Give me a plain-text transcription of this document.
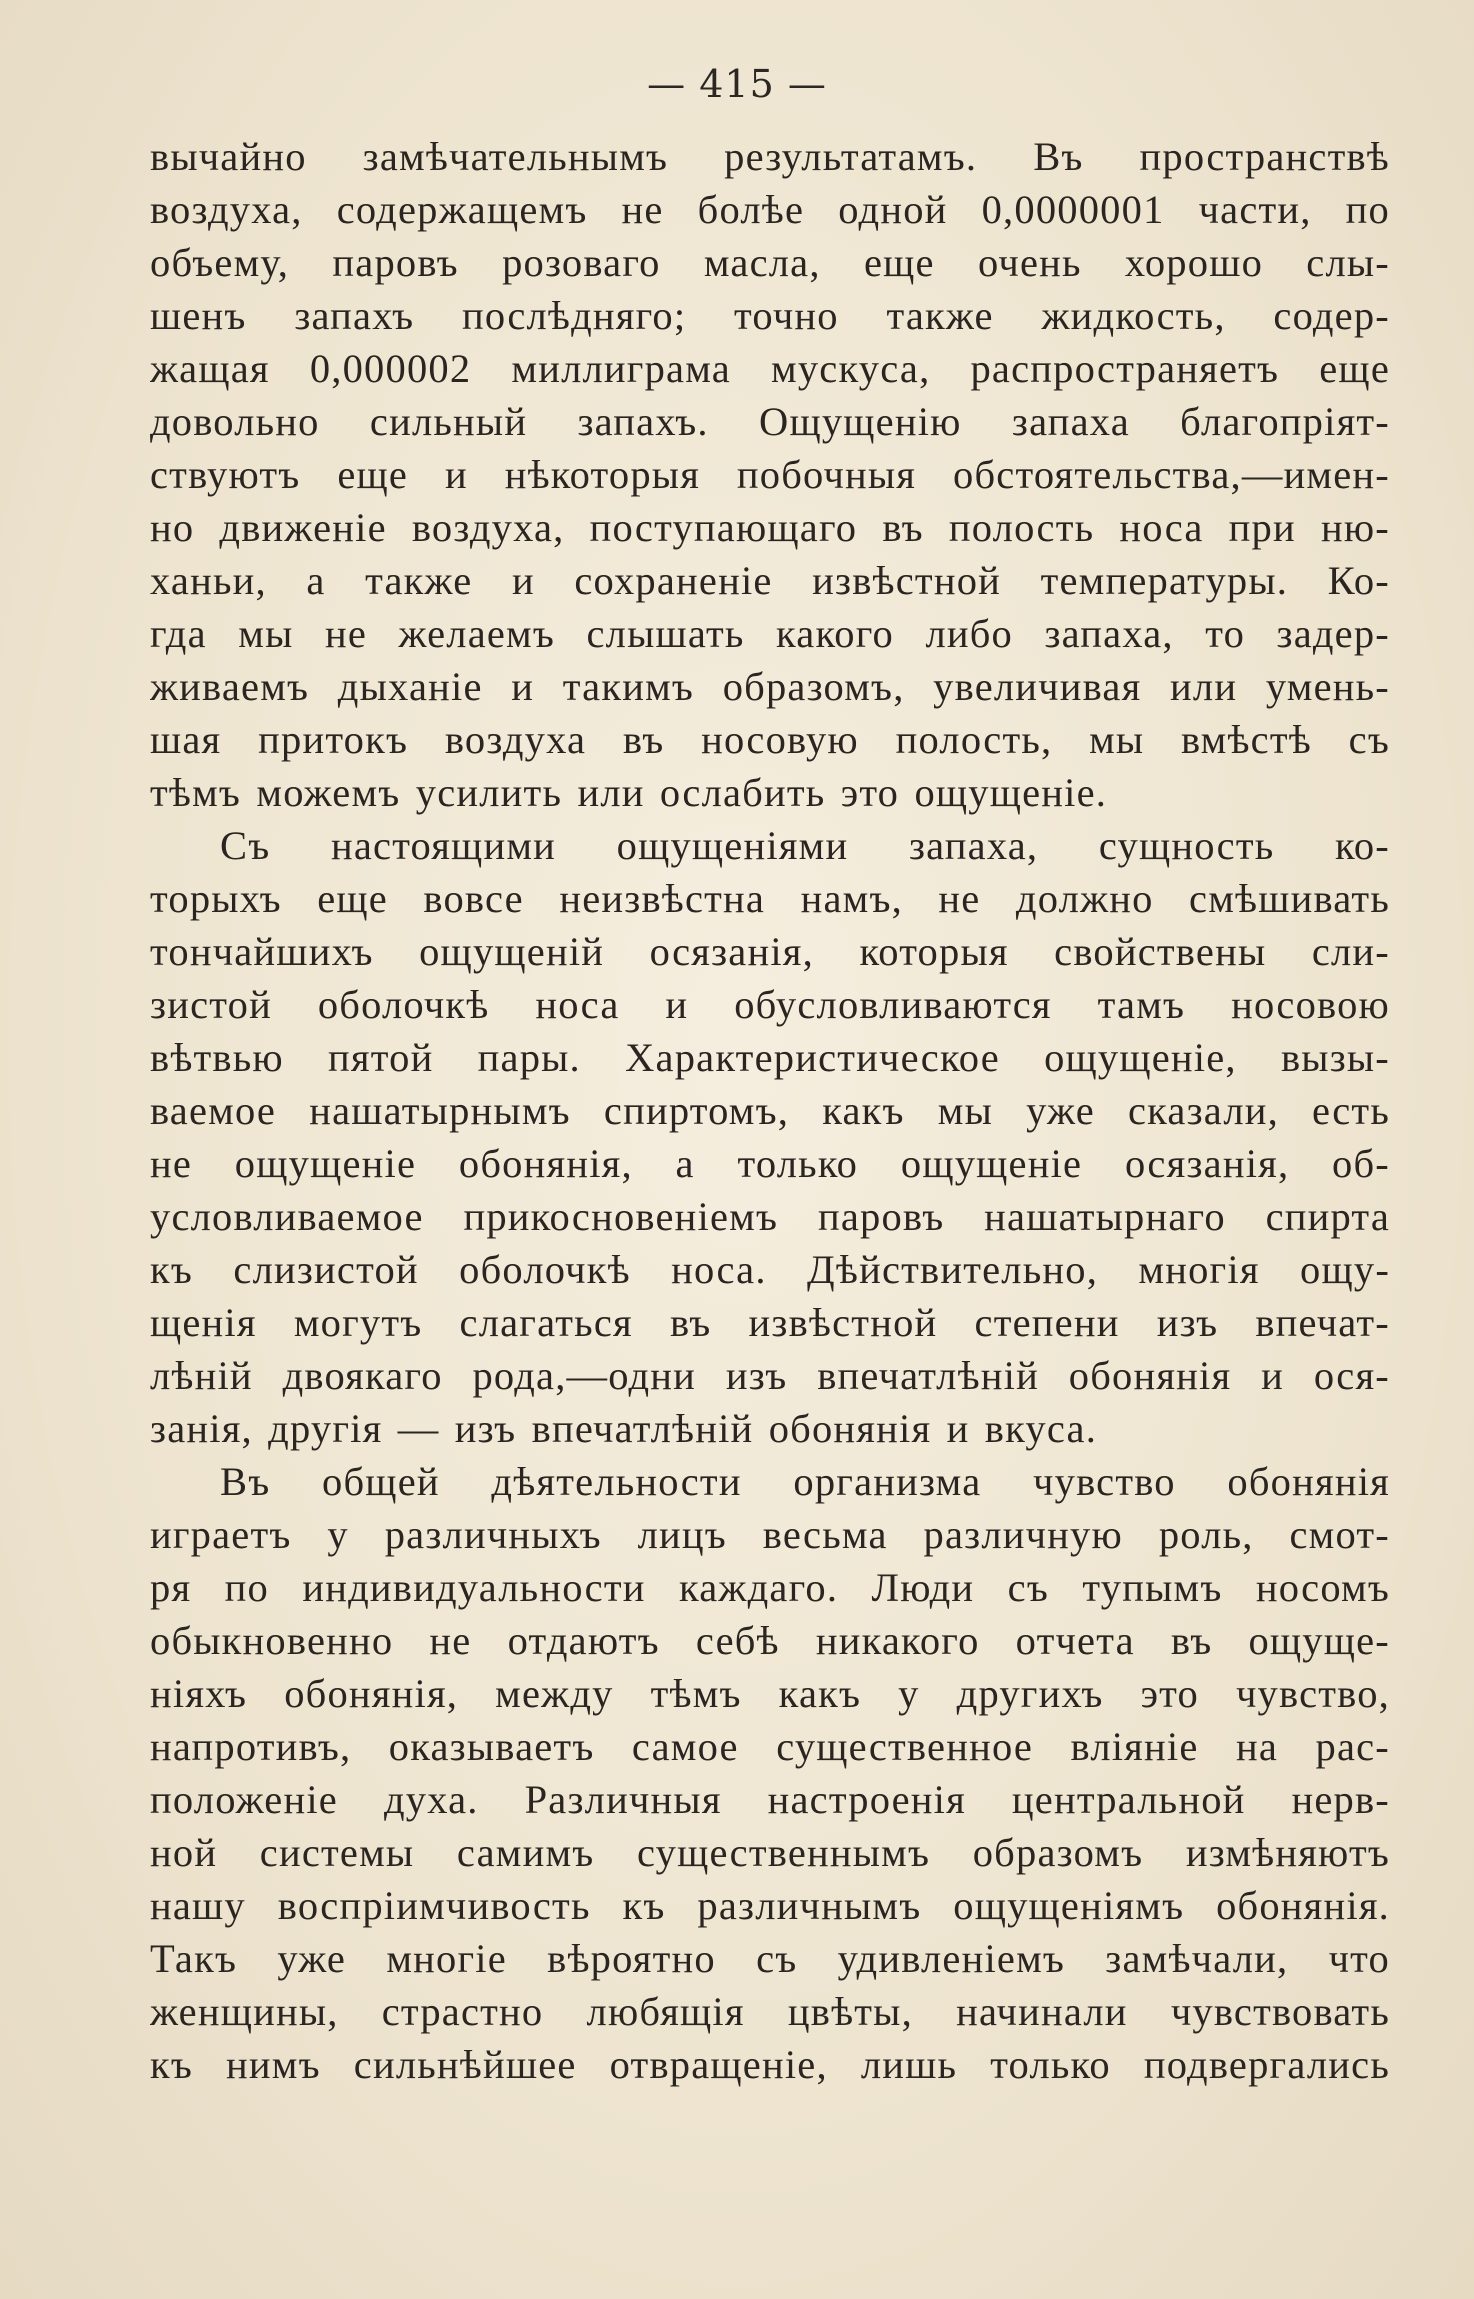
— 415 —
вычайно замѣчательнымъ результатамъ. Въ пространствѣ
воздуха, содержащемъ не болѣе одной 0,0000001 части, по
объему, паровъ розоваго масла, еще очень хорошо слы-
шенъ запахъ послѣдняго; точно также жидкость, содер-
жащая 0,000002 миллиграма мускуса, распространяетъ еще
довольно сильный запахъ. Ощущенію запаха благопріят-
ствуютъ еще и нѣкоторыя побочныя обстоятельства,—имен-
но движеніе воздуха, поступающаго въ полость носа при ню-
ханьи, а также и сохраненіе извѣстной температуры. Ко-
гда мы не желаемъ слышать какого либо запаха, то задер-
живаемъ дыханіе и такимъ образомъ, увеличивая или умень-
шая притокъ воздуха въ носовую полость, мы вмѣстѣ съ
тѣмъ можемъ усилить или ослабить это ощущеніе.
Съ настоящими ощущеніями запаха, сущность ко-
торыхъ еще вовсе неизвѣстна намъ, не должно смѣшивать
тончайшихъ ощущеній осязанія, которыя свойствены сли-
зистой оболочкѣ носа и обусловливаются тамъ носовою
вѣтвью пятой пары. Характеристическое ощущеніе, вызы-
ваемое нашатырнымъ спиртомъ, какъ мы уже сказали, есть
не ощущеніе обонянія, а только ощущеніе осязанія, об-
условливаемое прикосновеніемъ паровъ нашатырнаго спирта
къ слизистой оболочкѣ носа. Дѣйствительно, многія ощу-
щенія могутъ слагаться въ извѣстной степени изъ впечат-
лѣній двоякаго рода,—одни изъ впечатлѣній обонянія и ося-
занія, другія — изъ впечатлѣній обонянія и вкуса.
Въ общей дѣятельности организма чувство обонянія
играетъ у различныхъ лицъ весьма различную роль, смот-
ря по индивидуальности каждаго. Люди съ тупымъ носомъ
обыкновенно не отдаютъ себѣ никакого отчета въ ощуще-
ніяхъ обонянія, между тѣмъ какъ у другихъ это чувство,
напротивъ, оказываетъ самое существенное вліяніе на рас-
положеніе духа. Различныя настроенія центральной нерв-
ной системы самимъ существеннымъ образомъ измѣняютъ
нашу воспріимчивость къ различнымъ ощущеніямъ обонянія.
Такъ уже многіе вѣроятно съ удивленіемъ замѣчали, что
женщины, страстно любящія цвѣты, начинали чувствовать
къ нимъ сильнѣйшее отвращеніе, лишь только подвергались
